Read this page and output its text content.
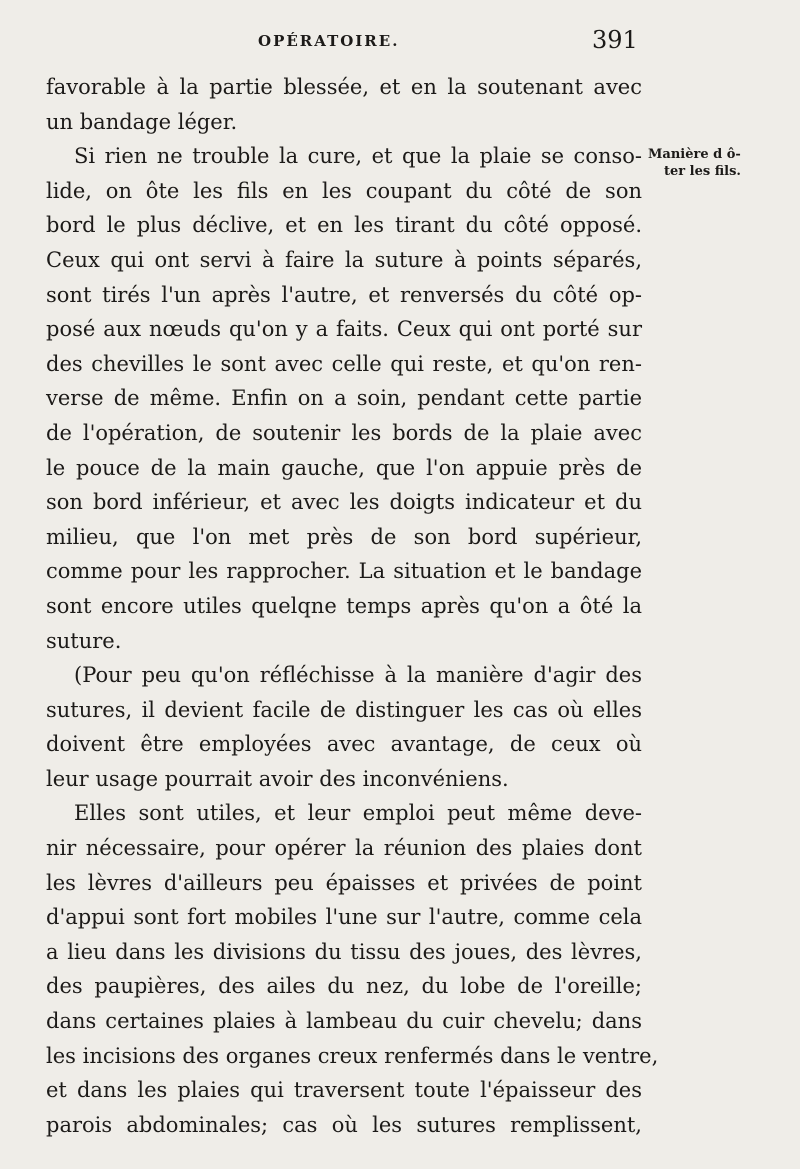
OPÉRATOIRE.	391
Manière d ô-
ter les fils.
favorable à la partie blessée, et en la soutenant avec
un bandage léger.
Si rien ne trouble la cure, et que la plaie se conso-
lide, on ôte les fils en les coupant du côté de son
bord le plus déclive, et en les tirant du côté opposé.
Ceux qui ont servi à faire la suture à points séparés,
sont tirés l'un après l'autre, et renversés du côté op-
posé aux nœuds qu'on y a faits. Ceux qui ont porté sur
des chevilles le sont avec celle qui reste, et qu'on ren-
verse de même. Enfin on a soin, pendant cette partie
de l'opération, de soutenir les bords de la plaie avec
le pouce de la main gauche, que l'on appuie près de
son bord inférieur, et avec les doigts indicateur et du
milieu, que l'on met près de son bord supérieur,
comme pour les rapprocher. La situation et le bandage
sont encore utiles quelqne temps après qu'on a ôté la
suture.
(Pour peu qu'on réfléchisse à la manière d'agir des
sutures, il devient facile de distinguer les cas où elles
doivent être employées avec avantage, de ceux où
leur usage pourrait avoir des inconvéniens.
Elles sont utiles, et leur emploi peut même deve-
nir nécessaire, pour opérer la réunion des plaies dont
les lèvres d'ailleurs peu épaisses et privées de point
d'appui sont fort mobiles l'une sur l'autre, comme cela
a lieu dans les divisions du tissu des joues, des lèvres,
des paupières, des ailes du nez, du lobe de l'oreille;
dans certaines plaies à lambeau du cuir chevelu; dans
les incisions des organes creux renfermés dans le ventre,
et dans les plaies qui traversent toute l'épaisseur des
parois abdominales; cas où les sutures remplissent,
